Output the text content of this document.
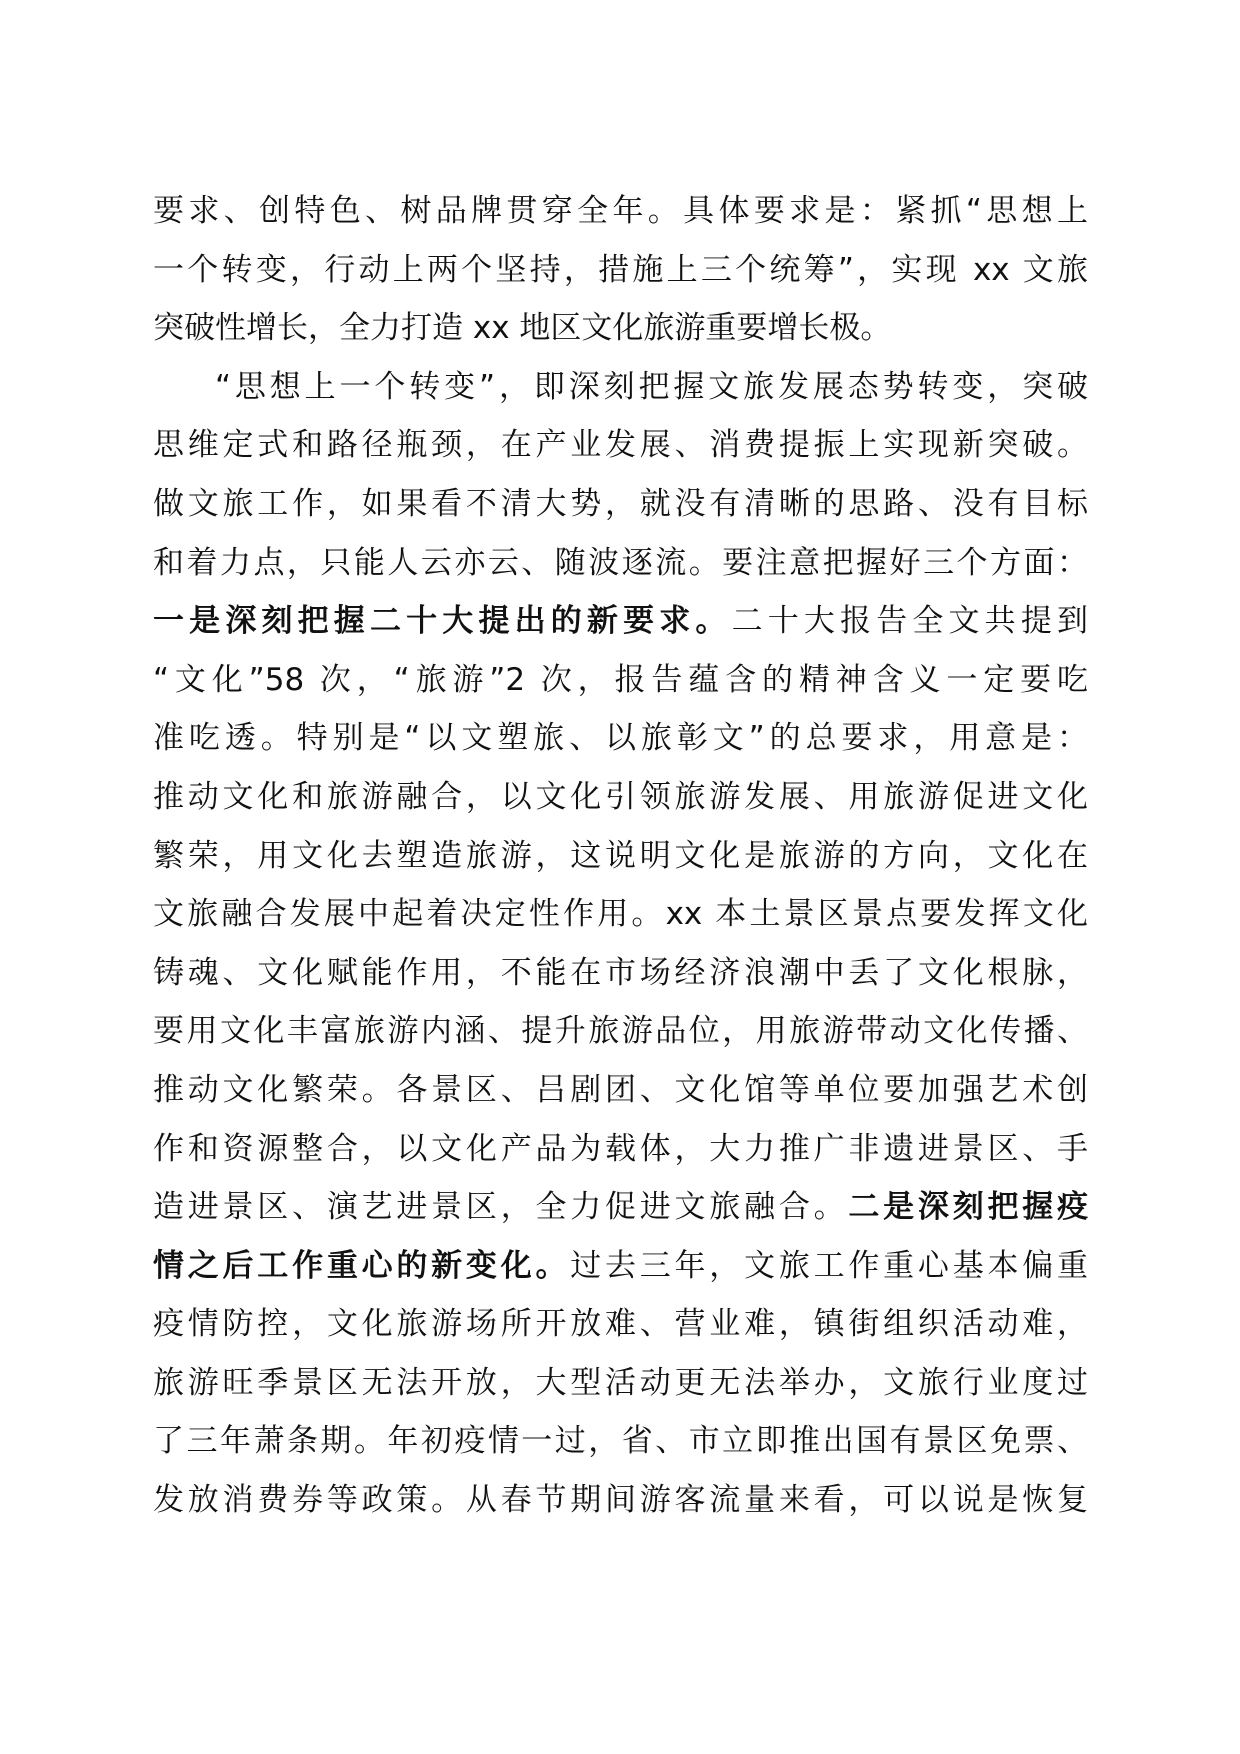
要求、创特色、树品牌贯穿全年。具体要求是：紧抓“思想上
一个转变，行动上两个坚持，措施上三个统筹”，实现 xx 文旅
突破性增长，全力打造 xx 地区文化旅游重要增长极。
“思想上一个转变”，即深刻把握文旅发展态势转变，突破
思维定式和路径瓶颈，在产业发展、消费提振上实现新突破。
做文旅工作，如果看不清大势，就没有清晰的思路、没有目标
和着力点，只能人云亦云、随波逐流。要注意把握好三个方面：
一是深刻把握二十大提出的新要求。二十大报告全文共提到
“文化”58 次，“旅游”2 次，报告蕴含的精神含义一定要吃
准吃透。特别是“以文塑旅、以旅彰文”的总要求，用意是：
推动文化和旅游融合，以文化引领旅游发展、用旅游促进文化
繁荣，用文化去塑造旅游，这说明文化是旅游的方向，文化在
文旅融合发展中起着决定性作用。xx 本土景区景点要发挥文化
铸魂、文化赋能作用，不能在市场经济浪潮中丢了文化根脉，
要用文化丰富旅游内涵、提升旅游品位，用旅游带动文化传播、
推动文化繁荣。各景区、吕剧团、文化馆等单位要加强艺术创
作和资源整合，以文化产品为载体，大力推广非遗进景区、手
造进景区、演艺进景区，全力促进文旅融合。二是深刻把握疫
情之后工作重心的新变化。过去三年，文旅工作重心基本偏重
疫情防控，文化旅游场所开放难、营业难，镇街组织活动难，
旅游旺季景区无法开放，大型活动更无法举办，文旅行业度过
了三年萧条期。年初疫情一过，省、市立即推出国有景区免票、
发放消费券等政策。从春节期间游客流量来看，可以说是恢复
